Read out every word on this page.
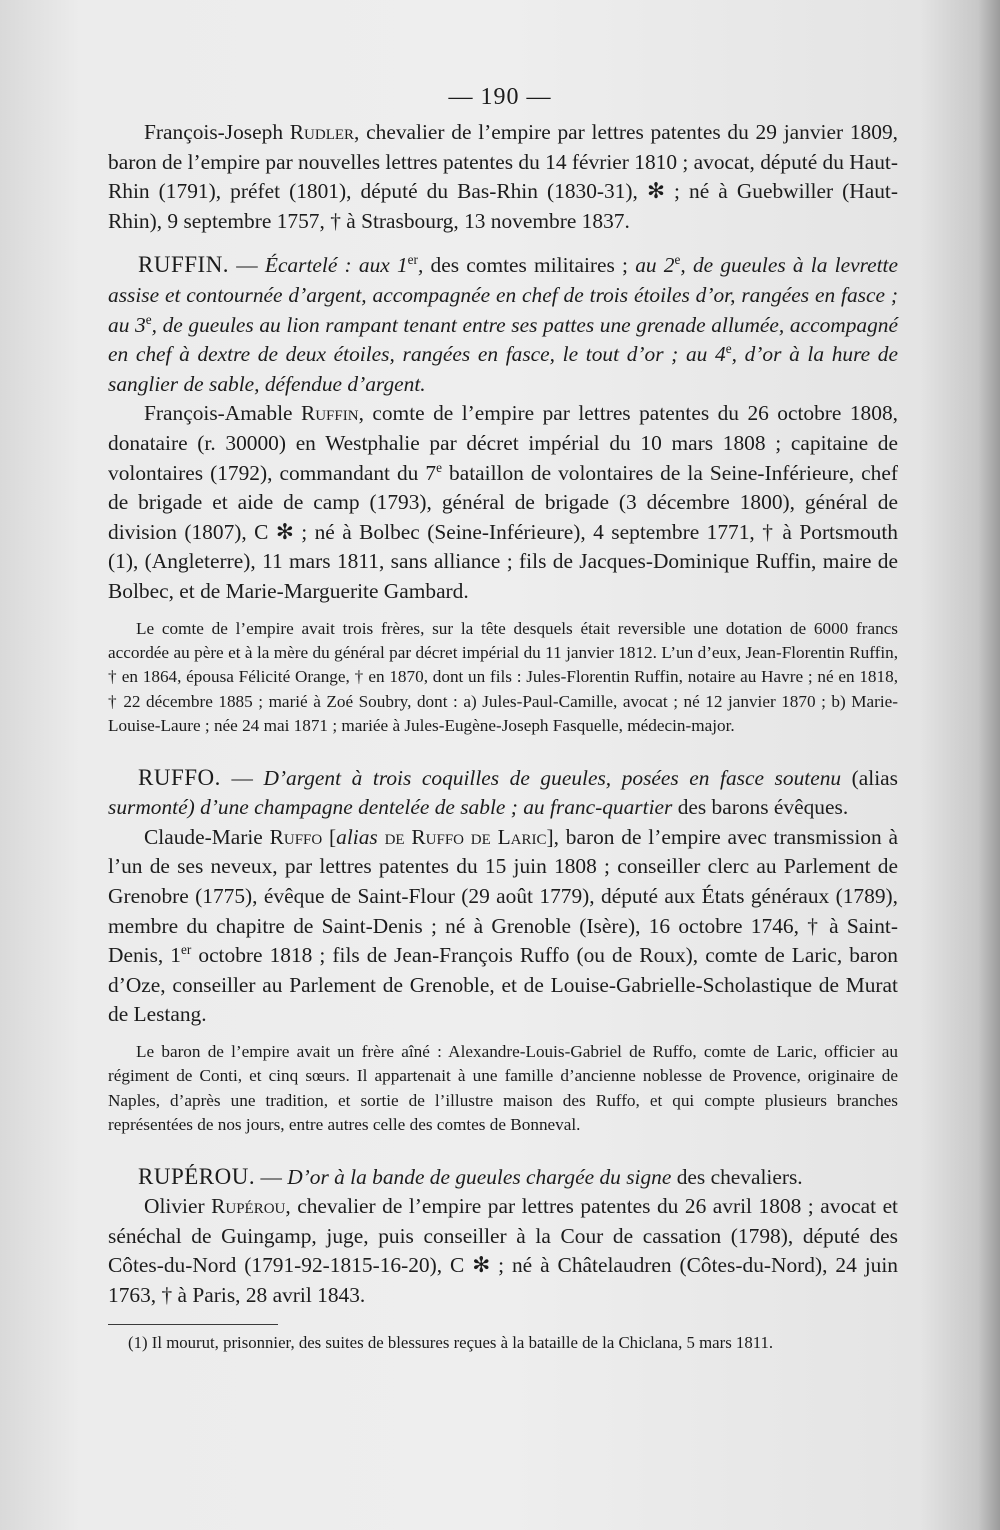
— 190 —

François-Joseph Rudler, chevalier de l’empire par lettres patentes du 29 janvier 1809, baron de l’empire par nouvelles lettres patentes du 14 février 1810 ; avocat, député du Haut-Rhin (1791), préfet (1801), député du Bas-Rhin (1830-31), ✻ ; né à Guebwiller (Haut-Rhin), 9 septembre 1757, † à Strasbourg, 13 novembre 1837.

RUFFIN. — Écartelé : aux 1er, des comtes militaires ; au 2e, de gueules à la levrette assise et contournée d’argent, accompagnée en chef de trois étoiles d’or, rangées en fasce ; au 3e, de gueules au lion rampant tenant entre ses pattes une grenade allumée, accompagné en chef à dextre de deux étoiles, rangées en fasce, le tout d’or ; au 4e, d’or à la hure de sanglier de sable, défendue d’argent.

François-Amable Ruffin, comte de l’empire par lettres patentes du 26 octobre 1808, donataire (r. 30000) en Westphalie par décret impérial du 10 mars 1808 ; capitaine de volontaires (1792), commandant du 7e bataillon de volontaires de la Seine-Inférieure, chef de brigade et aide de camp (1793), général de brigade (3 décembre 1800), général de division (1807), C ✻ ; né à Bolbec (Seine-Inférieure), 4 septembre 1771, † à Portsmouth (1), (Angleterre), 11 mars 1811, sans alliance ; fils de Jacques-Dominique Ruffin, maire de Bolbec, et de Marie-Marguerite Gambard.

Le comte de l’empire avait trois frères, sur la tête desquels était reversible une dotation de 6000 francs accordée au père et à la mère du général par décret impérial du 11 janvier 1812. L’un d’eux, Jean-Florentin Ruffin, † en 1864, épousa Félicité Orange, † en 1870, dont un fils : Jules-Florentin Ruffin, notaire au Havre ; né en 1818, † 22 décembre 1885 ; marié à Zoé Soubry, dont : a) Jules-Paul-Camille, avocat ; né 12 janvier 1870 ; b) Marie-Louise-Laure ; née 24 mai 1871 ; mariée à Jules-Eugène-Joseph Fasquelle, médecin-major.

RUFFO. — D’argent à trois coquilles de gueules, posées en fasce soutenu (alias surmonté) d’une champagne dentelée de sable ; au franc-quartier des barons évêques.

Claude-Marie Ruffo [alias de Ruffo de Laric], baron de l’empire avec transmission à l’un de ses neveux, par lettres patentes du 15 juin 1808 ; conseiller clerc au Parlement de Grenobre (1775), évêque de Saint-Flour (29 août 1779), député aux États généraux (1789), membre du chapitre de Saint-Denis ; né à Grenoble (Isère), 16 octobre 1746, † à Saint-Denis, 1er octobre 1818 ; fils de Jean-François Ruffo (ou de Roux), comte de Laric, baron d’Oze, conseiller au Parlement de Grenoble, et de Louise-Gabrielle-Scholastique de Murat de Lestang.

Le baron de l’empire avait un frère aîné : Alexandre-Louis-Gabriel de Ruffo, comte de Laric, officier au régiment de Conti, et cinq sœurs. Il appartenait à une famille d’ancienne noblesse de Provence, originaire de Naples, d’après une tradition, et sortie de l’illustre maison des Ruffo, et qui compte plusieurs branches représentées de nos jours, entre autres celle des comtes de Bonneval.

RUPÉROU. — D’or à la bande de gueules chargée du signe des chevaliers.

Olivier Rupérou, chevalier de l’empire par lettres patentes du 26 avril 1808 ; avocat et sénéchal de Guingamp, juge, puis conseiller à la Cour de cassation (1798), député des Côtes-du-Nord (1791-92-1815-16-20), C ✻ ; né à Châtelaudren (Côtes-du-Nord), 24 juin 1763, † à Paris, 28 avril 1843.

(1) Il mourut, prisonnier, des suites de blessures reçues à la bataille de la Chiclana, 5 mars 1811.
